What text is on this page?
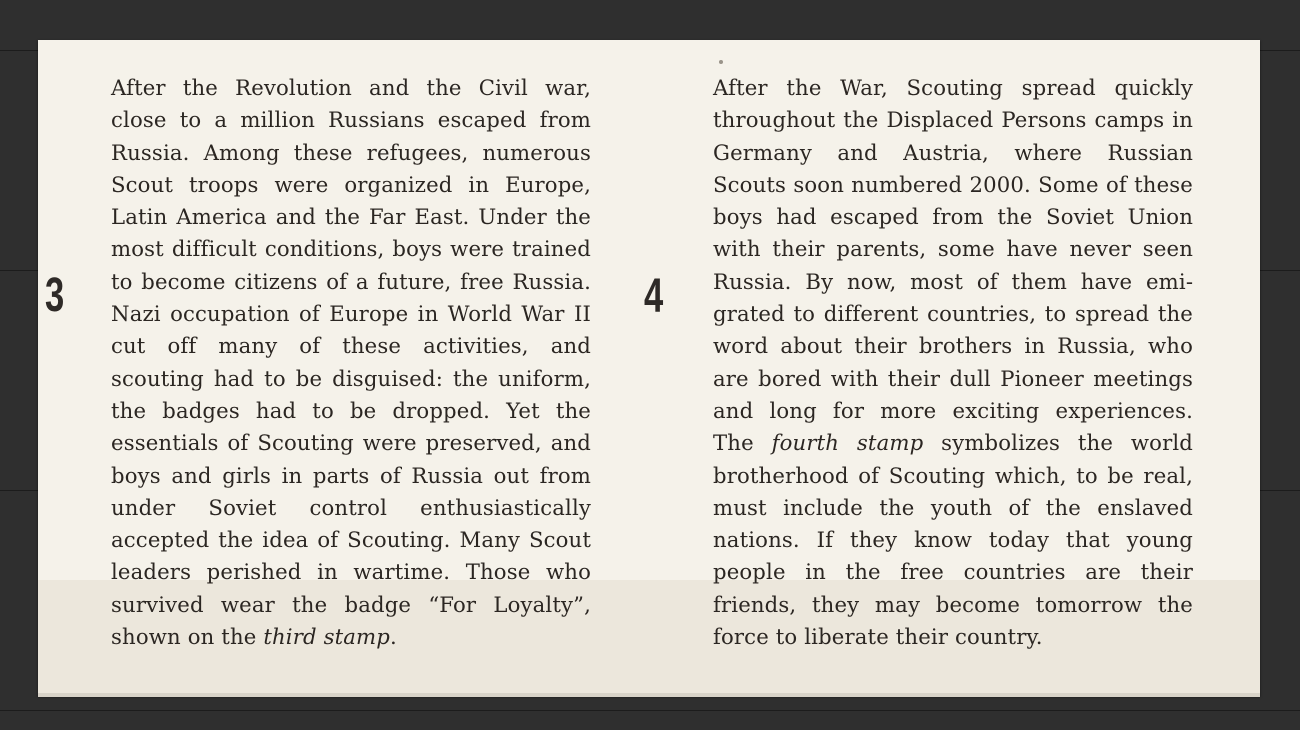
3
After the Revolution and the Civil war, close to a million Russians escaped from Russia. Among these refugees, numerous Scout troops were organized in Europe, Latin America and the Far East. Under the most difficult conditions, boys were trained to become citizens of a future, free Russia. Nazi occupation of Europe in World War II cut off many of these activities, and scouting had to be disguised: the uniform, the badges had to be dropped. Yet the essentials of Scouting were preserved, and boys and girls in parts of Russia out from under Soviet control enthusiastically accepted the idea of Scouting. Many Scout leaders perished in wartime. Those who survived wear the badge “For Loyalty”, shown on the third stamp.
4
After the War, Scouting spread quickly throughout the Displaced Persons camps in Germany and Austria, where Russian Scouts soon numbered 2000. Some of these boys had escaped from the Soviet Union with their parents, some have never seen Russia. By now, most of them have emigrated to different countries, to spread the word about their brothers in Russia, who are bored with their dull Pioneer meetings and long for more exciting experiences. The fourth stamp symbolizes the world brotherhood of Scouting which, to be real, must include the youth of the enslaved nations. If they know today that young people in the free countries are their friends, they may become tomorrow the force to liberate their country.
